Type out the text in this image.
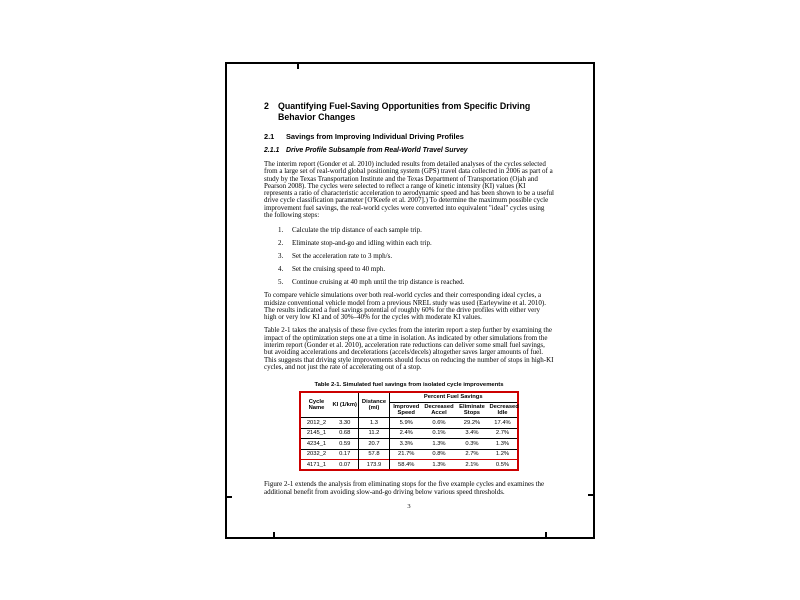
2	Quantifying Fuel-Saving Opportunities from Specific Driving Behavior Changes
2.1	Savings from Improving Individual Driving Profiles
2.1.1 Drive Profile Subsample from Real-World Travel Survey

The interim report (Gonder et al. 2010) included results from detailed analyses of the cycles selected from a large set of real-world global positioning system (GPS) travel data collected in 2006 as part of a study by the Texas Transportation Institute and the Texas Department of Transportation (Ojah and Pearson 2008). The cycles were selected to reflect a range of kinetic intensity (KI) values (KI represents a ratio of characteristic acceleration to aerodynamic speed and has been shown to be a useful drive cycle classification parameter [O'Keefe et al. 2007].) To determine the maximum possible cycle improvement fuel savings, the real-world cycles were converted into equivalent "ideal" cycles using the following steps:

1.	Calculate the trip distance of each sample trip.
2.	Eliminate stop-and-go and idling within each trip.
3.	Set the acceleration rate to 3 mph/s.
4.	Set the cruising speed to 40 mph.
5.	Continue cruising at 40 mph until the trip distance is reached.

To compare vehicle simulations over both real-world cycles and their corresponding ideal cycles, a midsize conventional vehicle model from a previous NREL study was used (Earleywine et al. 2010). The results indicated a fuel savings potential of roughly 60% for the drive profiles with either very high or very low KI and of 30%–40% for the cycles with moderate KI values.

Table 2-1 takes the analysis of these five cycles from the interim report a step further by examining the impact of the optimization steps one at a time in isolation. As indicated by other simulations from the interim report (Gonder et al. 2010), acceleration rate reductions can deliver some small fuel savings, but avoiding accelerations and decelerations (accels/decels) altogether saves larger amounts of fuel. This suggests that driving style improvements should focus on reducing the number of stops in high-KI cycles, and not just the rate of accelerating out of a stop.

Table 2-1. Simulated fuel savings from isolated cycle improvements
Cycle Name	KI (1/km)	Distance (mi)	Percent Fuel Savings			
			Improved Speed	Decreased Accel	Eliminate Stops	Decreased Idle
2012_2	3.30	1.3	5.9%	0.6%	29.2%	17.4%
2145_1	0.68	11.2	2.4%	0.1%	3.4%	2.7%
4234_1	0.59	20.7	3.3%	1.3%	0.3%	1.3%
2032_2	0.17	57.8	21.7%	0.8%	2.7%	1.2%
4171_1	0.07	173.9	58.4%	1.3%	2.1%	0.5%

Figure 2-1 extends the analysis from eliminating stops for the five example cycles and examines the additional benefit from avoiding slow-and-go driving below various speed thresholds.

3
